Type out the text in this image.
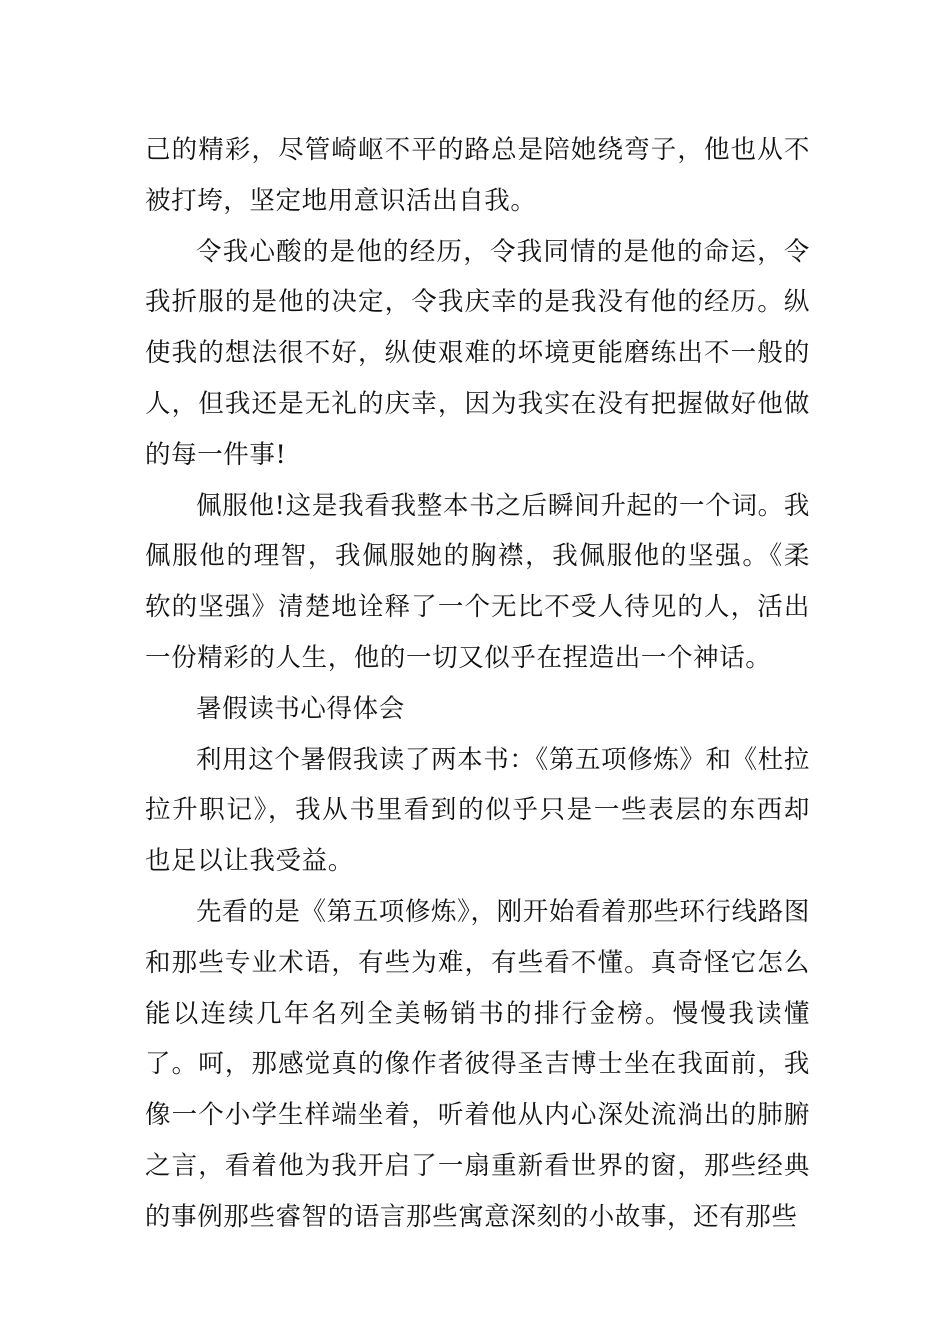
己的精彩，尽管崎岖不平的路总是陪她绕弯子，他也从不被打垮，坚定地用意识活出自我。

令我心酸的是他的经历，令我同情的是他的命运，令我折服的是他的决定，令我庆幸的是我没有他的经历。纵使我的想法很不好，纵使艰难的坏境更能磨练出不一般的人，但我还是无礼的庆幸，因为我实在没有把握做好他做的每一件事!

佩服他!这是我看我整本书之后瞬间升起的一个词。我佩服他的理智，我佩服她的胸襟，我佩服他的坚强。《柔软的坚强》清楚地诠释了一个无比不受人待见的人，活出一份精彩的人生，他的一切又似乎在捏造出一个神话。

暑假读书心得体会

利用这个暑假我读了两本书：《第五项修炼》和《杜拉拉升职记》，我从书里看到的似乎只是一些表层的东西却也足以让我受益。

先看的是《第五项修炼》，刚开始看着那些环行线路图和那些专业术语，有些为难，有些看不懂。真奇怪它怎么能以连续几年名列全美畅销书的排行金榜。慢慢我读懂了。呵，那感觉真的像作者彼得圣吉博士坐在我面前，我像一个小学生样端坐着，听着他从内心深处流淌出的肺腑之言，看着他为我开启了一扇重新看世界的窗，那些经典的事例那些睿智的语言那些寓意深刻的小故事，还有那些
